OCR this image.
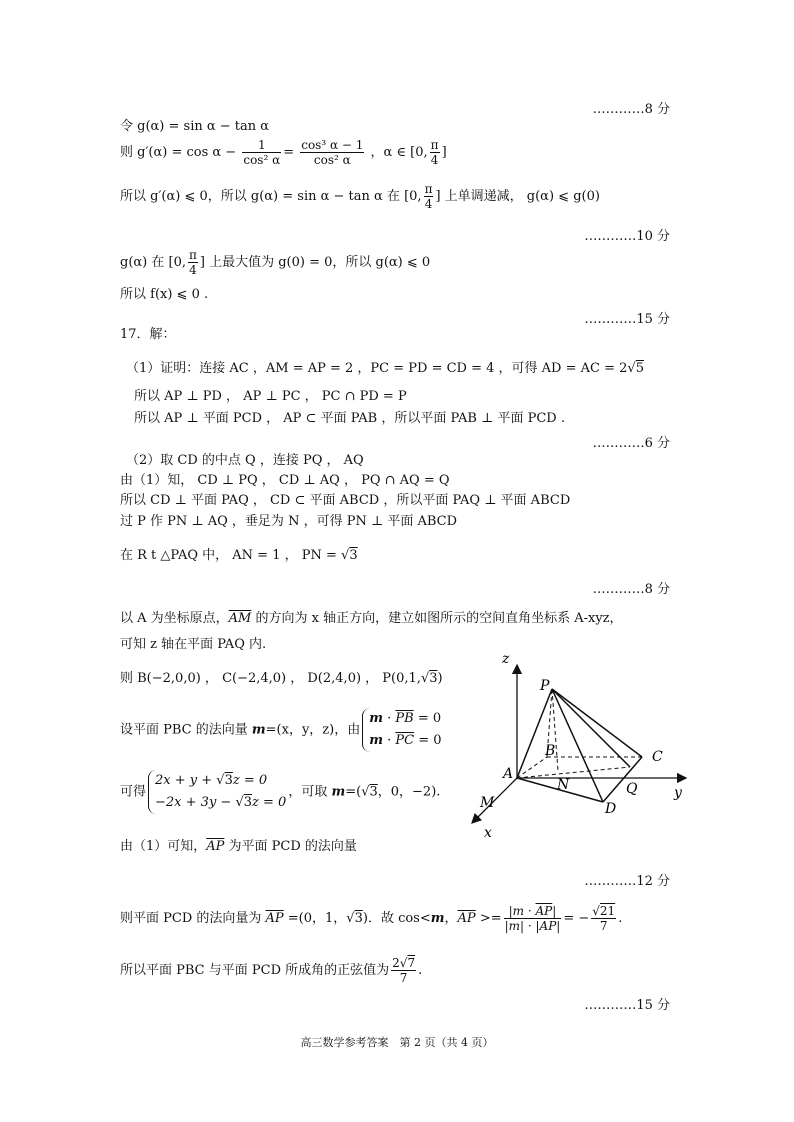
…………8 分
…………10 分
…………15 分
…………6 分
…………8 分
…………12 分
…………15 分
令 g(α) = sin α − tan α
则 $g'(\alpha) = \cos \alpha - \frac{1}{\text{cos² α}} = \frac{\text{cos³ α − 1}}{\text{cos² α}}$ ，α ∈ [0, $\frac{\pi}{4}$ ]
所以 g′(α) ⩽ 0，所以 g(α) = sin α − tan α 在 [0, $\frac{\pi}{4}$ ] 上单调递减， g(α) ⩽ g(0)
g(α) 在 [0, $\frac{\pi}{4}$ ] 上最大值为 g(0) = 0，所以 g(α) ⩽ 0
所以 f(x) ⩽ 0 .
17．解：
（1）证明：连接 AC ，AM = AP = 2 ，PC = PD = CD = 4 ，可得 AD = AC = 2√5
所以 AP ⊥ PD ， AP ⊥ PC ， PC ∩ PD = P
所以 AP ⊥ 平面 PCD ， AP ⊂ 平面 PAB ，所以平面 PAB ⊥ 平面 PCD .
（2）取 CD 的中点 Q ，连接 PQ ， AQ
由（1）知， CD ⊥ PQ ， CD ⊥ AQ ， PQ ∩ AQ = Q
所以 CD ⊥ 平面 PAQ ， CD ⊂ 平面 ABCD ，所以平面 PAQ ⊥ 平面 ABCD
过 P 作 PN ⊥ AQ ，垂足为 N ，可得 PN ⊥ 平面 ABCD
在 R t △PAQ 中， AN = 1 ， PN = √3
以 A 为坐标原点，$\overline{AM}$ 的方向为 x 轴正方向，建立如图所示的空间直角坐标系 A-xyz，
可知 z 轴在平面 PAQ 内.
则 B(−2,0,0) ， C(−2,4,0) ， D(2,4,0) ， P(0,1,√3)
设平面 PBC 的法向量 m=(x，y，z)，由
$m \cdot \overline{PB} = 0$
$m \cdot \overline{PC} = 0$
可得
2x + y + √3z = 0
−2x + 3y − √3z = 0
，可取 m=(√3，0，−2).
由（1）可知，$\overline{AP}$ 为平面 PCD 的法向量
则平面 PCD 的法向量为 $\overline{AP} =(0$，1，√3)．故 cos<m，$\overline{AP} >= \frac{|m \cdot \overline{AP}|}{|m| \cdot |AP|}$ = − $\frac{√21}{7}$ .
所以平面 PBC 与平面 PCD 所成角的正弦值为 $\frac{2√7}{7}$ .
z
y
x
P
A
B	C
D
M
N	Q
高三数学参考答案　第 2 页（共 4 页）
